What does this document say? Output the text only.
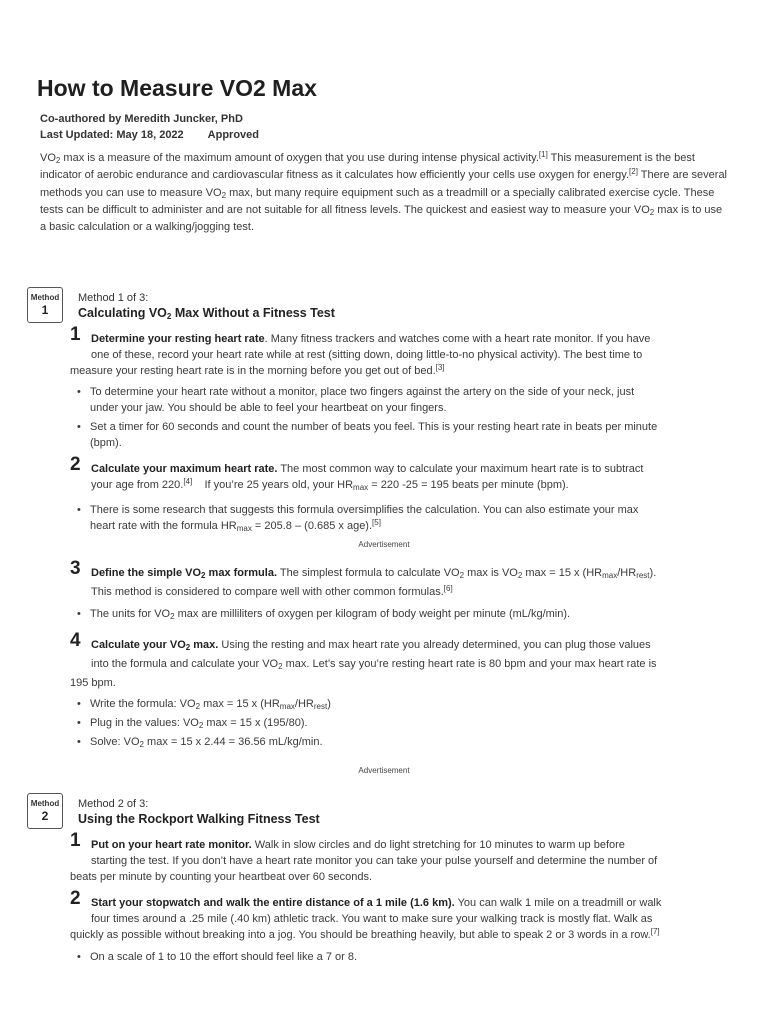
How to Measure VO2 Max
Co-authored by Meredith Juncker, PhD
Last Updated: May 18, 2022 Approved
$VO_2$ max is a measure of the maximum amount of oxygen that you use during intense physical activity.[1] This measurement is the best indicator of aerobic endurance and cardiovascular fitness as it calculates how efficiently your cells use oxygen for energy.[2] There are several methods you can use to measure $VO_2$ max, but many require equipment such as a treadmill or a specially calibrated exercise cycle. These tests can be difficult to administer and are not suitable for all fitness levels. The quickest and easiest way to measure your $VO_2$ max is to use a basic calculation or a walking/jogging test.
Method
1
Method 1 of 3:
Calculating $VO_2$ Max Without a Fitness Test
1 Determine your resting heart rate. Many fitness trackers and watches come with a heart rate monitor. If you have
one of these, record your heart rate while at rest (sitting down, doing little-to-no physical activity). The best time to
measure your resting heart rate is in the morning before you get out of bed.[3]
• To determine your heart rate without a monitor, place two fingers against the artery on the side of your neck, just
under your jaw. You should be able to feel your heartbeat on your fingers.
• Set a timer for 60 seconds and count the number of beats you feel. This is your resting heart rate in beats per minute
(bpm).
2 Calculate your maximum heart rate. The most common way to calculate your maximum heart rate is to subtract
your age from 220.[4]    If you’re 25 years old, your $HR_{max} = 220$ -25 = 195 beats per minute (bpm).
• There is some research that suggests this formula oversimplifies the calculation. You can also estimate your max
heart rate with the formula $HR_{max} = 205.8 - (0.685$ x age).[5]
Advertisement
3 Define the simple $VO_2$ max formula. The simplest formula to calculate $VO_2$ max is $VO_2$ max = 15 x $(HR_{max}/HR_{rest})$.
This method is considered to compare well with other common formulas.[6]
• The units for $VO_2$ max are milliliters of oxygen per kilogram of body weight per minute (mL/kg/min).
4 Calculate your $VO_2$ max. Using the resting and max heart rate you already determined, you can plug those values
into the formula and calculate your $VO_2$ max. Let’s say you’re resting heart rate is 80 bpm and your max heart rate is
195 bpm.
• Write the formula: $VO_2$ max = 15 x $(HR_{max}/HR_{rest})$
• Plug in the values: $VO_2$ max = 15 x (195/80).
• Solve: $VO_2$ max = 15 x 2.44 = 36.56 mL/kg/min.
Advertisement
Method
2
Method 2 of 3:
Using the Rockport Walking Fitness Test
1 Put on your heart rate monitor. Walk in slow circles and do light stretching for 10 minutes to warm up before
starting the test. If you don’t have a heart rate monitor you can take your pulse yourself and determine the number of
beats per minute by counting your heartbeat over 60 seconds.
2 Start your stopwatch and walk the entire distance of a 1 mile (1.6 km). You can walk 1 mile on a treadmill or walk
four times around a .25 mile (.40 km) athletic track. You want to make sure your walking track is mostly flat. Walk as
quickly as possible without breaking into a jog. You should be breathing heavily, but able to speak 2 or 3 words in a row.[7]
• On a scale of 1 to 10 the effort should feel like a 7 or 8.
